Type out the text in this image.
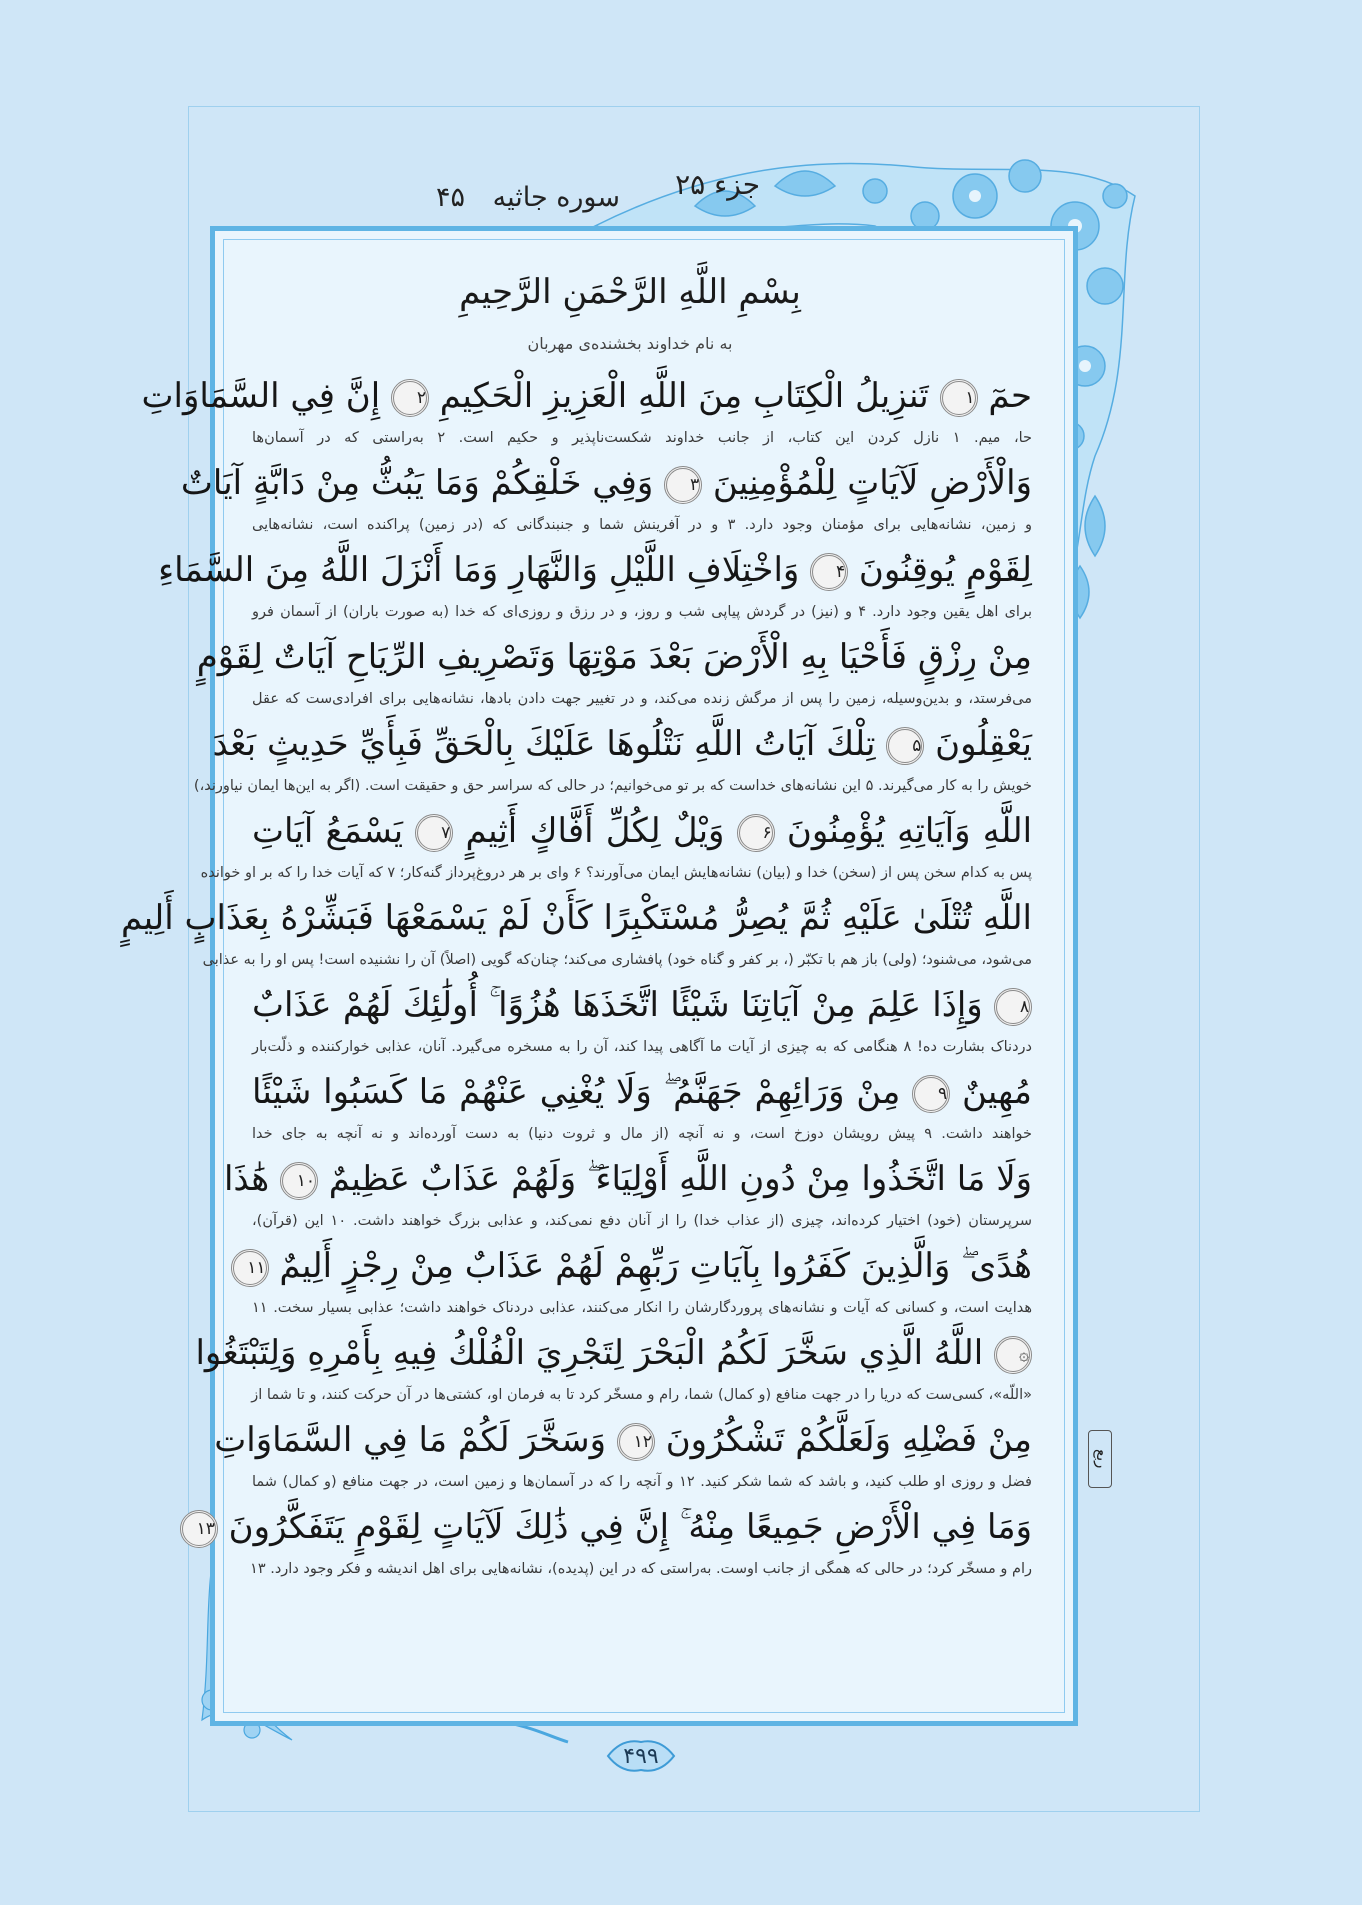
جزء ۲۵
سوره جاثیه
۴۵
بِسْمِ اللَّهِ الرَّحْمَنِ الرَّحِيمِ
به نام خداوند بخشنده‌ی مهربان
حمٓ ۱ تَنزِيلُ الْكِتَابِ مِنَ اللَّهِ الْعَزِيزِ الْحَكِيمِ ۲ إِنَّ فِي السَّمَاوَاتِ
حا، میم. ۱ نازل کردن این کتاب، از جانب خداوند شکست‌ناپذیر و حکیم است. ۲ به‌راستی که در آسمان‌ها
وَالْأَرْضِ لَآيَاتٍ لِلْمُؤْمِنِينَ ۳ وَفِي خَلْقِكُمْ وَمَا يَبُثُّ مِنْ دَابَّةٍ آيَاتٌ
و زمین، نشانه‌هایی برای مؤمنان وجود دارد. ۳ و در آفرینش شما و جنبندگانی که (در زمین) پراکنده است، نشانه‌هایی
لِقَوْمٍ يُوقِنُونَ ۴ وَاخْتِلَافِ اللَّيْلِ وَالنَّهَارِ وَمَا أَنْزَلَ اللَّهُ مِنَ السَّمَاءِ
برای اهل یقین وجود دارد. ۴ و (نیز) در گردش پیاپی شب و روز، و در رزق و روزی‌ای که خدا (به صورت باران) از آسمان فرو
مِنْ رِزْقٍ فَأَحْيَا بِهِ الْأَرْضَ بَعْدَ مَوْتِهَا وَتَصْرِيفِ الرِّيَاحِ آيَاتٌ لِقَوْمٍ
می‌فرستد، و بدین‌وسیله، زمین را پس از مرگش زنده می‌کند، و در تغییر جهت دادن بادها، نشانه‌هایی برای افرادی‌ست که عقل
يَعْقِلُونَ ۵ تِلْكَ آيَاتُ اللَّهِ نَتْلُوهَا عَلَيْكَ بِالْحَقِّ فَبِأَيِّ حَدِيثٍ بَعْدَ
خویش را به کار می‌گیرند. ۵ این نشانه‌های خداست که بر تو می‌خوانیم؛ در حالی که سراسر حق و حقیقت است. (اگر به این‌ها ایمان نیاورند،)
اللَّهِ وَآيَاتِهِ يُؤْمِنُونَ ۶ وَيْلٌ لِكُلِّ أَفَّاكٍ أَثِيمٍ ۷ يَسْمَعُ آيَاتِ
پس به کدام سخن پس از (سخن) خدا و (بیان) نشانه‌هایش ایمان می‌آورند؟ ۶ وای بر هر دروغ‌پرداز گنه‌کار؛ ۷ که آیات خدا را که بر او خوانده
اللَّهِ تُتْلَىٰ عَلَيْهِ ثُمَّ يُصِرُّ مُسْتَكْبِرًا كَأَنْ لَمْ يَسْمَعْهَا فَبَشِّرْهُ بِعَذَابٍ أَلِيمٍ
می‌شود، می‌شنود؛ (ولی) باز هم با تکبّر (، بر کفر و گناه خود) پافشاری می‌کند؛ چنان‌که گویی (اصلاً) آن را نشنیده است! پس او را به عذابی
۸ وَإِذَا عَلِمَ مِنْ آيَاتِنَا شَيْئًا اتَّخَذَهَا هُزُوًا ۚ أُولَٰئِكَ لَهُمْ عَذَابٌ
دردناک بشارت ده! ۸ هنگامی که به چیزی از آیات ما آگاهی پیدا کند، آن را به مسخره می‌گیرد. آنان، عذابی خوارکننده و ذلّت‌بار
مُهِينٌ ۹ مِنْ وَرَائِهِمْ جَهَنَّمُ ۖ وَلَا يُغْنِي عَنْهُمْ مَا كَسَبُوا شَيْئًا
خواهند داشت. ۹ پیش رویشان دوزخ است، و نه آنچه (از مال و ثروت دنیا) به دست آورده‌اند و نه آنچه به جای خدا
وَلَا مَا اتَّخَذُوا مِنْ دُونِ اللَّهِ أَوْلِيَاءَ ۖ وَلَهُمْ عَذَابٌ عَظِيمٌ ۱۰ هَٰذَا
سرپرستان (خود) اختیار کرده‌اند، چیزی (از عذاب خدا) را از آنان دفع نمی‌کند، و عذابی بزرگ خواهند داشت. ۱۰ این (قرآن)،
هُدًى ۖ وَالَّذِينَ كَفَرُوا بِآيَاتِ رَبِّهِمْ لَهُمْ عَذَابٌ مِنْ رِجْزٍ أَلِيمٌ ۱۱
هدایت است، و کسانی که آیات و نشانه‌های پروردگارشان را انکار می‌کنند، عذابی دردناک خواهند داشت؛ عذابی بسیار سخت. ۱۱
۞ اللَّهُ الَّذِي سَخَّرَ لَكُمُ الْبَحْرَ لِتَجْرِيَ الْفُلْكُ فِيهِ بِأَمْرِهِ وَلِتَبْتَغُوا
«اللّه»، کسی‌ست که دریا را در جهت منافع (و کمال) شما، رام و مسخّر کرد تا به فرمان او، کشتی‌ها در آن حرکت کنند، و تا شما از
مِنْ فَضْلِهِ وَلَعَلَّكُمْ تَشْكُرُونَ ۱۲ وَسَخَّرَ لَكُمْ مَا فِي السَّمَاوَاتِ
فضل و روزی او طلب کنید، و باشد که شما شکر کنید. ۱۲ و آنچه را که در آسمان‌ها و زمین است، در جهت منافع (و کمال) شما
وَمَا فِي الْأَرْضِ جَمِيعًا مِنْهُ ۚ إِنَّ فِي ذَٰلِكَ لَآيَاتٍ لِقَوْمٍ يَتَفَكَّرُونَ ۱۳
رام و مسخّر کرد؛ در حالی که همگی از جانب اوست. به‌راستی که در این (پدیده)، نشانه‌هایی برای اهل اندیشه و فکر وجود دارد. ۱۳
ربع
۴۹۹
